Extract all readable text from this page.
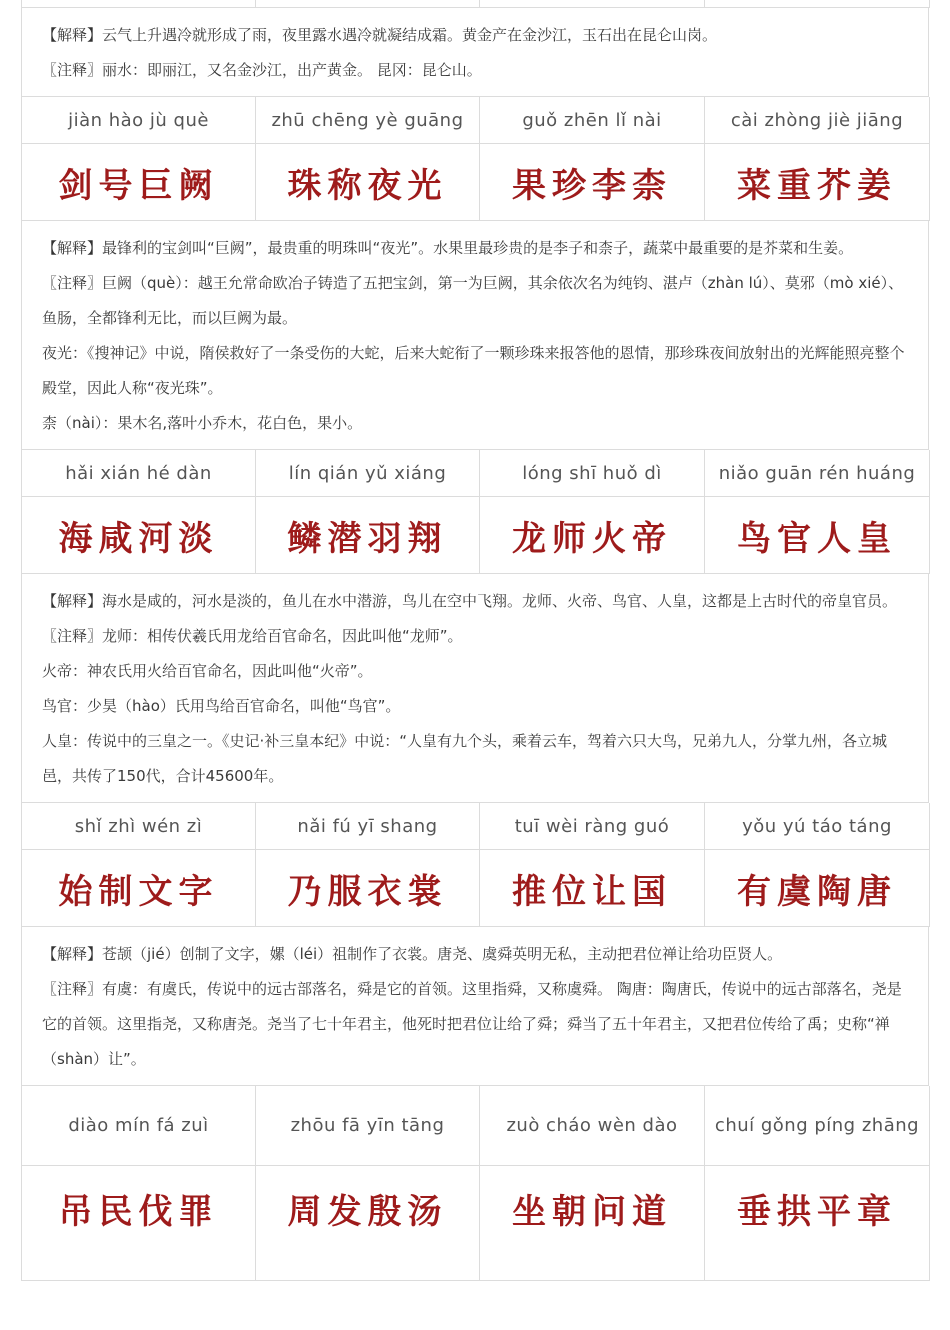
【解释】云气上升遇冷就形成了雨，夜里露水遇冷就凝结成霜。黄金产在金沙江，玉石出在昆仑山岗。

〖注释〗丽水：即丽江，又名金沙江，出产黄金。 昆冈：昆仑山。

jiàn hào jù què	zhū chēng yè guāng	guǒ zhēn lǐ nài	cài zhòng jiè jiāng
剑号巨阙	珠称夜光	果珍李柰	菜重芥姜

【解释】最锋利的宝剑叫“巨阙”，最贵重的明珠叫“夜光”。水果里最珍贵的是李子和柰子，蔬菜中最重要的是芥菜和生姜。

〖注释〗巨阙（què）：越王允常命欧冶子铸造了五把宝剑，第一为巨阙，其余依次名为纯钧、湛卢（zhàn lú）、莫邪（mò xié）、鱼肠，全都锋利无比，而以巨阙为最。

夜光：《搜神记》中说，隋侯救好了一条受伤的大蛇，后来大蛇衔了一颗珍珠来报答他的恩情，那珍珠夜间放射出的光辉能照亮整个殿堂，因此人称“夜光珠”。

柰（nài）：果木名,落叶小乔木，花白色，果小。

hǎi xián hé dàn	lín qián yǔ xiáng	lóng shī huǒ dì	niǎo guān rén huáng
海咸河淡	鳞潜羽翔	龙师火帝	鸟官人皇

【解释】海水是咸的，河水是淡的，鱼儿在水中潜游，鸟儿在空中飞翔。龙师、火帝、鸟官、人皇，这都是上古时代的帝皇官员。

〖注释〗龙师：相传伏羲氏用龙给百官命名，因此叫他“龙师”。

火帝：神农氏用火给百官命名，因此叫他“火帝”。

鸟官：少昊（hào）氏用鸟给百官命名，叫他“鸟官”。

人皇：传说中的三皇之一。《史记·补三皇本纪》中说：“人皇有九个头，乘着云车，驾着六只大鸟，兄弟九人，分掌九州，各立城邑，共传了150代，合计45600年。

shǐ zhì wén zì	nǎi fú yī shang	tuī wèi ràng guó	yǒu yú táo táng
始制文字	乃服衣裳	推位让国	有虞陶唐

【解释】苍颉（jié）创制了文字，嫘（léi）祖制作了衣裳。唐尧、虞舜英明无私，主动把君位禅让给功臣贤人。

〖注释〗有虞：有虞氏，传说中的远古部落名，舜是它的首领。这里指舜，又称虞舜。 陶唐：陶唐氏，传说中的远古部落名，尧是它的首领。这里指尧，又称唐尧。尧当了七十年君主，他死时把君位让给了舜；舜当了五十年君主，又把君位传给了禹；史称“禅（shàn）让”。

diào mín fá zuì	zhōu fā yīn tāng	zuò cháo wèn dào	chuí gǒng píng zhāng
吊民伐罪	周发殷汤	坐朝问道	垂拱平章
